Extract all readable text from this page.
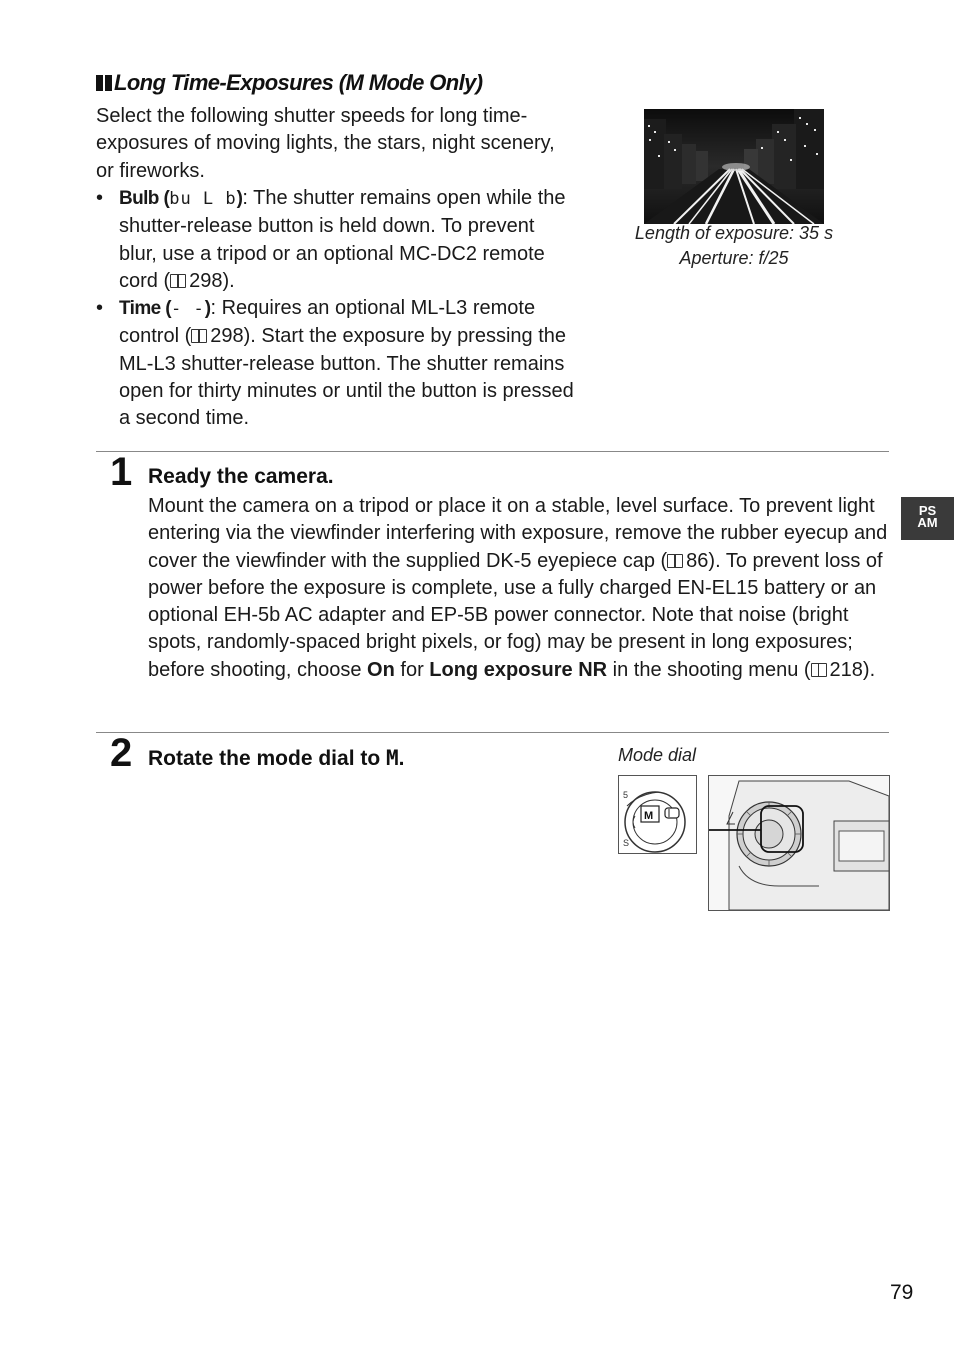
Long Time-Exposures (M Mode Only)
Select the following shutter speeds for long time-exposures of moving lights, the stars, night scenery, or fireworks.
• Bulb (bu L b): The shutter remains open while the shutter-release button is held down. To prevent blur, use a tripod or an optional MC-DC2 remote cord ( 298).
• Time (- -): Requires an optional ML-L3 remote control ( 298). Start the exposure by pressing the ML-L3 shutter-release button. The shutter remains open for thirty minutes or until the button is pressed a second time.
Length of exposure: 35 s
Aperture: f/25
1 Ready the camera.
Mount the camera on a tripod or place it on a stable, level surface. To prevent light entering via the viewfinder interfering with exposure, remove the rubber eyecup and cover the viewfinder with the supplied DK-5 eyepiece cap ( 86). To prevent loss of power before the exposure is complete, use a fully charged EN-EL15 battery or an optional EH-5b AC adapter and EP-5B power connector. Note that noise (bright spots, randomly-spaced bright pixels, or fog) may be present in long exposures; before shooting, choose On for Long exposure NR in the shooting menu ( 218).
PS
AM
2 Rotate the mode dial to M.	Mode dial
5
S
M
79
